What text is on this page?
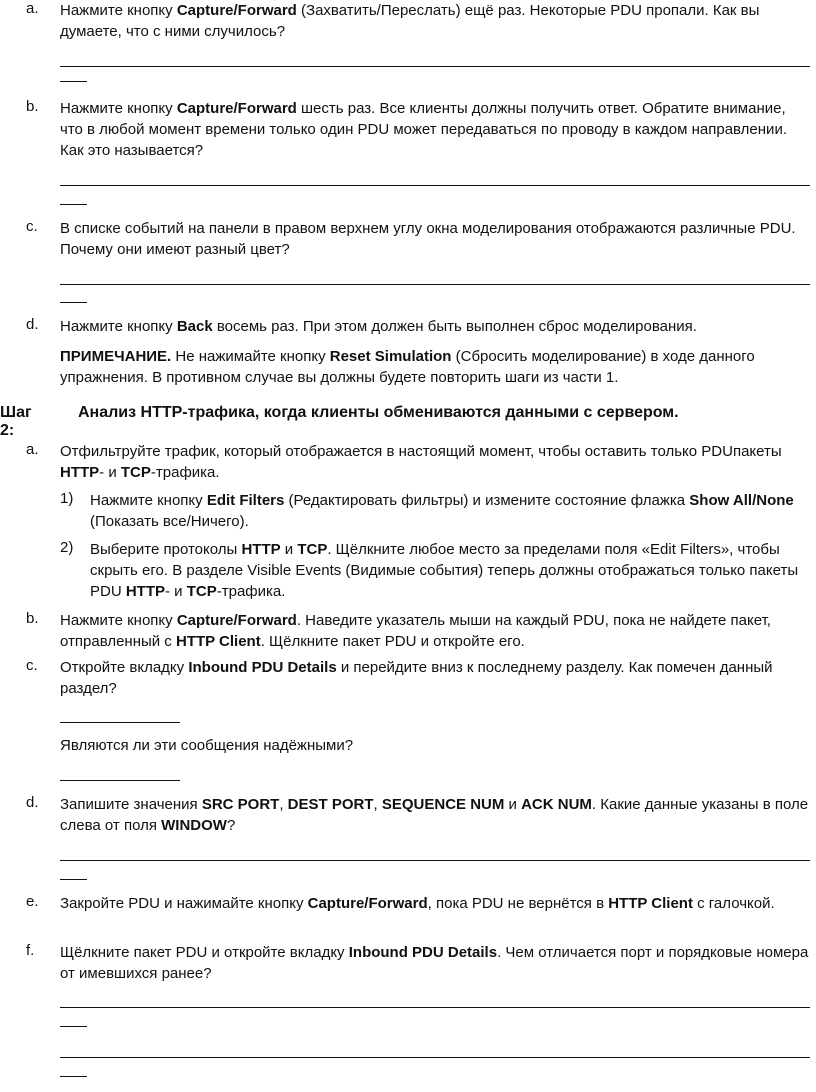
a. Нажмите кнопку Capture/Forward (Захватить/Переслать) ещё раз. Некоторые PDU пропали. Как вы думаете, что с ними случилось?
b. Нажмите кнопку Capture/Forward шесть раз. Все клиенты должны получить ответ. Обратите внимание, что в любой момент времени только один PDU может передаваться по проводу в каждом направлении. Как это называется?
c. В списке событий на панели в правом верхнем углу окна моделирования отображаются различные PDU. Почему они имеют разный цвет?
d. Нажмите кнопку Back восемь раз. При этом должен быть выполнен сброс моделирования.
ПРИМЕЧАНИЕ. Не нажимайте кнопку Reset Simulation (Сбросить моделирование) в ходе данного упражнения. В противном случае вы должны будете повторить шаги из части 1.
Шаг 2:
Анализ HTTP-трафика, когда клиенты обмениваются данными с сервером.
a. Отфильтруйте трафик, который отображается в настоящий момент, чтобы оставить только PDUпакеты HTTP- и TCP-трафика.
1) Нажмите кнопку Edit Filters (Редактировать фильтры) и измените состояние флажка Show All/None (Показать все/Ничего).
2) Выберите протоколы HTTP и TCP. Щёлкните любое место за пределами поля «Edit Filters», чтобы скрыть его. В разделе Visible Events (Видимые события) теперь должны отображаться только пакеты PDU HTTP- и TCP-трафика.
b. Нажмите кнопку Capture/Forward. Наведите указатель мыши на каждый PDU, пока не найдете пакет, отправленный с HTTP Client. Щёлкните пакет PDU и откройте его.
c. Откройте вкладку Inbound PDU Details и перейдите вниз к последнему разделу. Как помечен данный раздел?
Являются ли эти сообщения надёжными?
d. Запишите значения SRC PORT, DEST PORT, SEQUENCE NUM и ACK NUM. Какие данные указаны в поле слева от поля WINDOW?
e. Закройте PDU и нажимайте кнопку Capture/Forward, пока PDU не вернётся в HTTP Client с галочкой.
f. Щёлкните пакет PDU и откройте вкладку Inbound PDU Details. Чем отличается порт и порядковые номера от имевшихся ранее?
